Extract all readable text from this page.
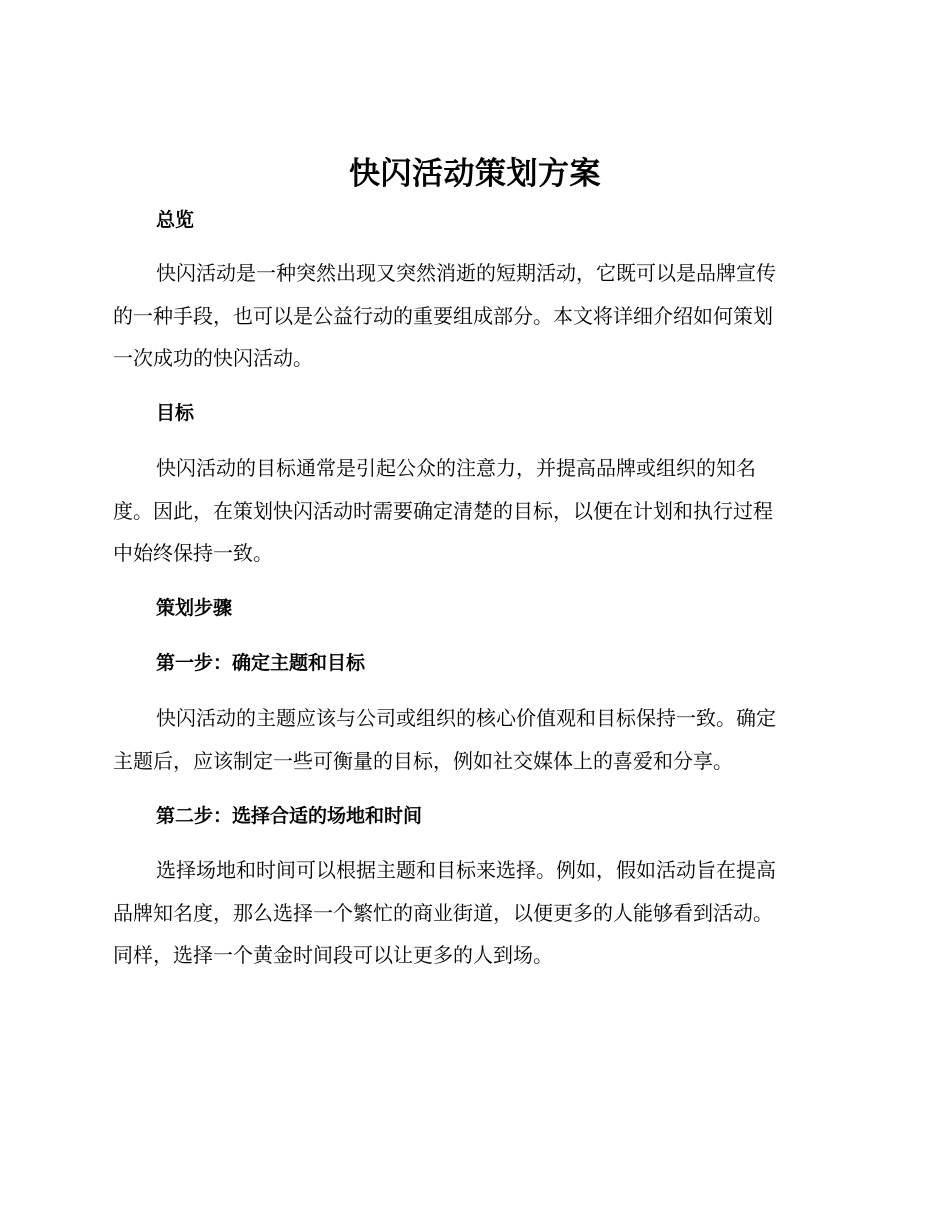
快闪活动策划方案
总览

快闪活动是一种突然出现又突然消逝的短期活动，它既可以是品牌宣传
的一种手段，也可以是公益行动的重要组成部分。本文将详细介绍如何策划
一次成功的快闪活动。

目标

快闪活动的目标通常是引起公众的注意力，并提高品牌或组织的知名
度。因此，在策划快闪活动时需要确定清楚的目标，以便在计划和执行过程
中始终保持一致。

策划步骤
第一步：确定主题和目标

快闪活动的主题应该与公司或组织的核心价值观和目标保持一致。确定
主题后，应该制定一些可衡量的目标，例如社交媒体上的喜爱和分享。

第二步：选择合适的场地和时间

选择场地和时间可以根据主题和目标来选择。例如，假如活动旨在提高
品牌知名度，那么选择一个繁忙的商业街道，以便更多的人能够看到活动。
同样，选择一个黄金时间段可以让更多的人到场。
